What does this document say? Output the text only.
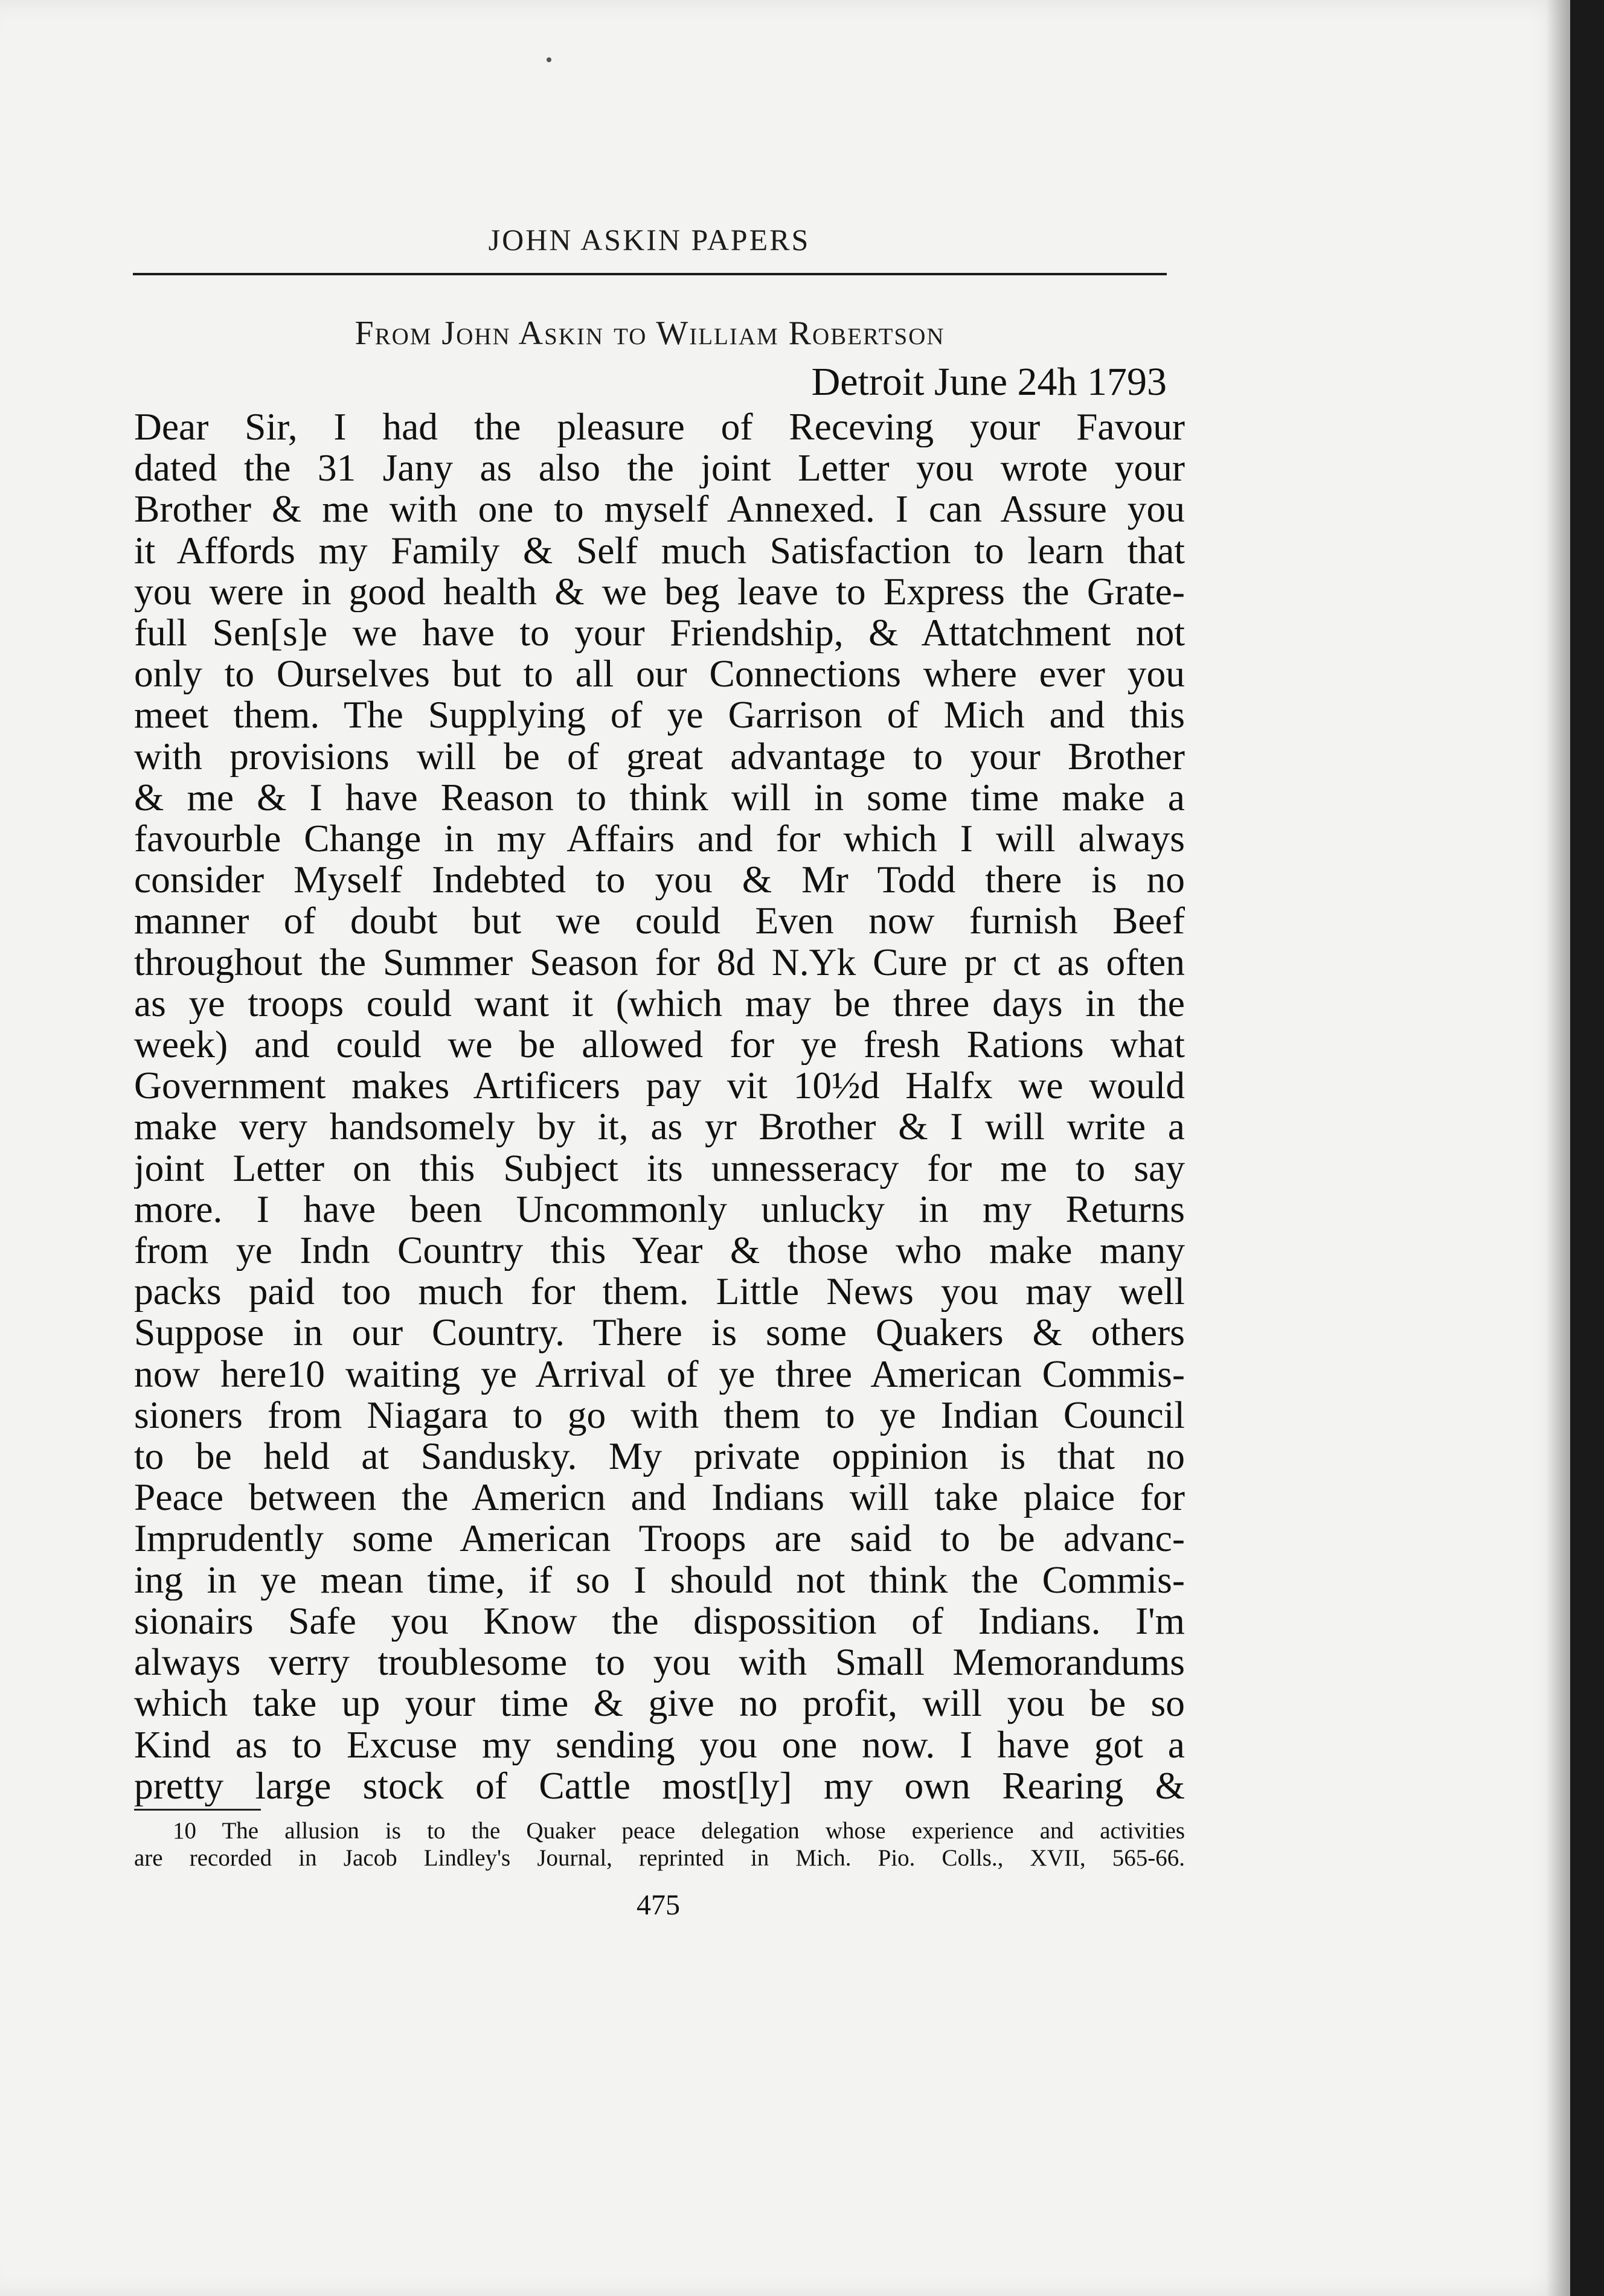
JOHN ASKIN PAPERS
From John Askin to William Robertson
Detroit June 24h 1793
Dear Sir, I had the pleasure of Receving your Favour
dated the 31 Jany as also the joint Letter you wrote your
Brother & me with one to myself Annexed. I can Assure you
it Affords my Family & Self much Satisfaction to learn that
you were in good health & we beg leave to Express the Grate-
full Sen[s]e we have to your Friendship, & Attatchment not
only to Ourselves but to all our Connections where ever you
meet them. The Supplying of ye Garrison of Mich and this
with provisions will be of great advantage to your Brother
& me & I have Reason to think will in some time make a
favourble Change in my Affairs and for which I will always
consider Myself Indebted to you & Mr Todd there is no
manner of doubt but we could Even now furnish Beef
throughout the Summer Season for 8d N.Yk Cure pr ct as often
as ye troops could want it (which may be three days in the
week) and could we be allowed for ye fresh Rations what
Government makes Artificers pay vit 10½d Halfx we would
make very handsomely by it, as yr Brother & I will write a
joint Letter on this Subject its unnesseracy for me to say
more. I have been Uncommonly unlucky in my Returns
from ye Indn Country this Year & those who make many
packs paid too much for them. Little News you may well
Suppose in our Country. There is some Quakers & others
now here10 waiting ye Arrival of ye three American Commis-
sioners from Niagara to go with them to ye Indian Council
to be held at Sandusky. My private oppinion is that no
Peace between the Americn and Indians will take plaice for
Imprudently some American Troops are said to be advanc-
ing in ye mean time, if so I should not think the Commis-
sionairs Safe you Know the dispossition of Indians. I'm
always verry troublesome to you with Small Memorandums
which take up your time & give no profit, will you be so
Kind as to Excuse my sending you one now. I have got a
pretty large stock of Cattle most[ly] my own Rearing &
10 The allusion is to the Quaker peace delegation whose experience and activities
are recorded in Jacob Lindley's Journal, reprinted in Mich. Pio. Colls., XVII, 565-66.
475
